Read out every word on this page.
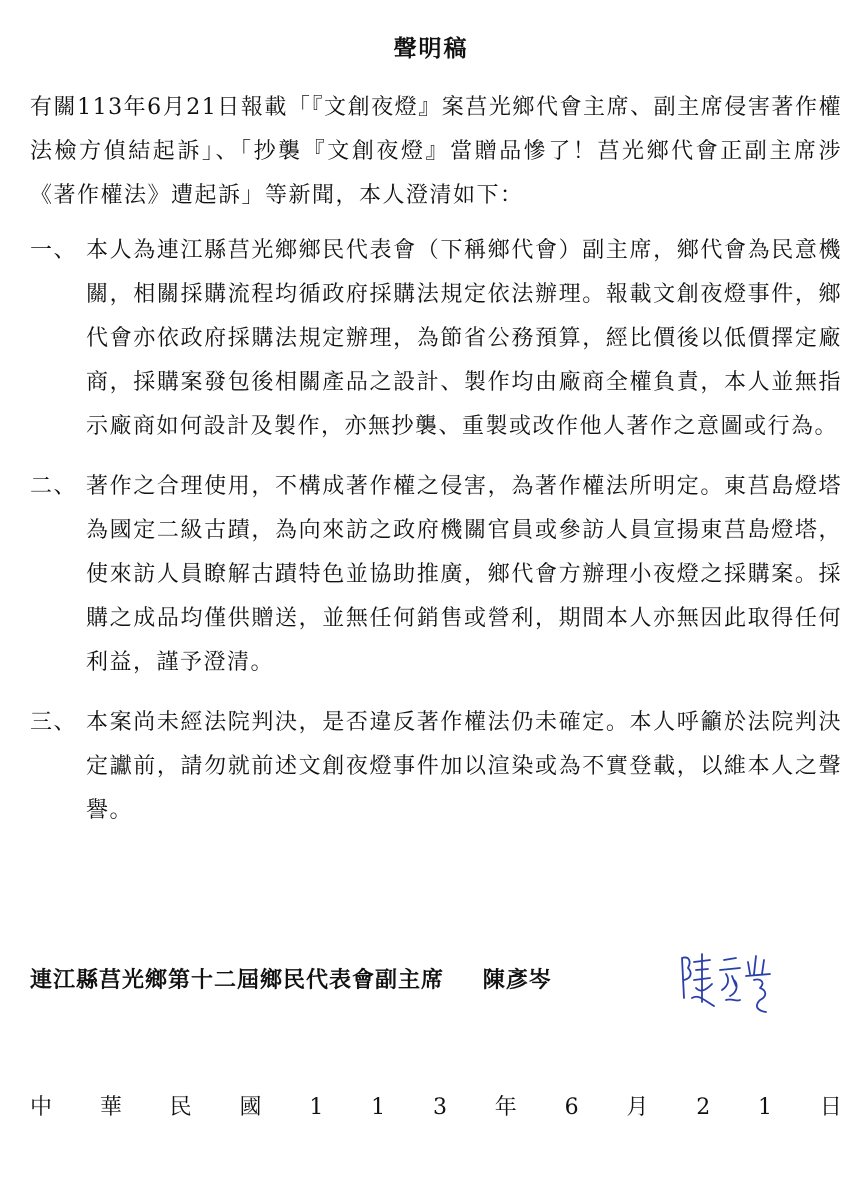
聲明稿
有關113年6月21日報載「『文創夜燈』案莒光鄉代會主席、副主席侵害著作權法檢方偵結起訴」、「抄襲『文創夜燈』當贈品慘了！莒光鄉代會正副主席涉《著作權法》遭起訴」等新聞，本人澄清如下：
一、 本人為連江縣莒光鄉鄉民代表會（下稱鄉代會）副主席，鄉代會為民意機關，相關採購流程均循政府採購法規定依法辦理。報載文創夜燈事件，鄉代會亦依政府採購法規定辦理，為節省公務預算，經比價後以低價擇定廠商，採購案發包後相關產品之設計、製作均由廠商全權負責，本人並無指示廠商如何設計及製作，亦無抄襲、重製或改作他人著作之意圖或行為。
二、 著作之合理使用，不構成著作權之侵害，為著作權法所明定。東莒島燈塔為國定二級古蹟，為向來訪之政府機關官員或參訪人員宣揚東莒島燈塔，使來訪人員瞭解古蹟特色並協助推廣，鄉代會方辦理小夜燈之採購案。採購之成品均僅供贈送，並無任何銷售或營利，期間本人亦無因此取得任何利益，謹予澄清。
三、 本案尚未經法院判決，是否違反著作權法仍未確定。本人呼籲於法院判決定讞前，請勿就前述文創夜燈事件加以渲染或為不實登載，以維本人之聲譽。
連江縣莒光鄉第十二屆鄉民代表會副主席 陳彥岑
中 華 民 國 1 1 3 年 6 月 2 1 日
